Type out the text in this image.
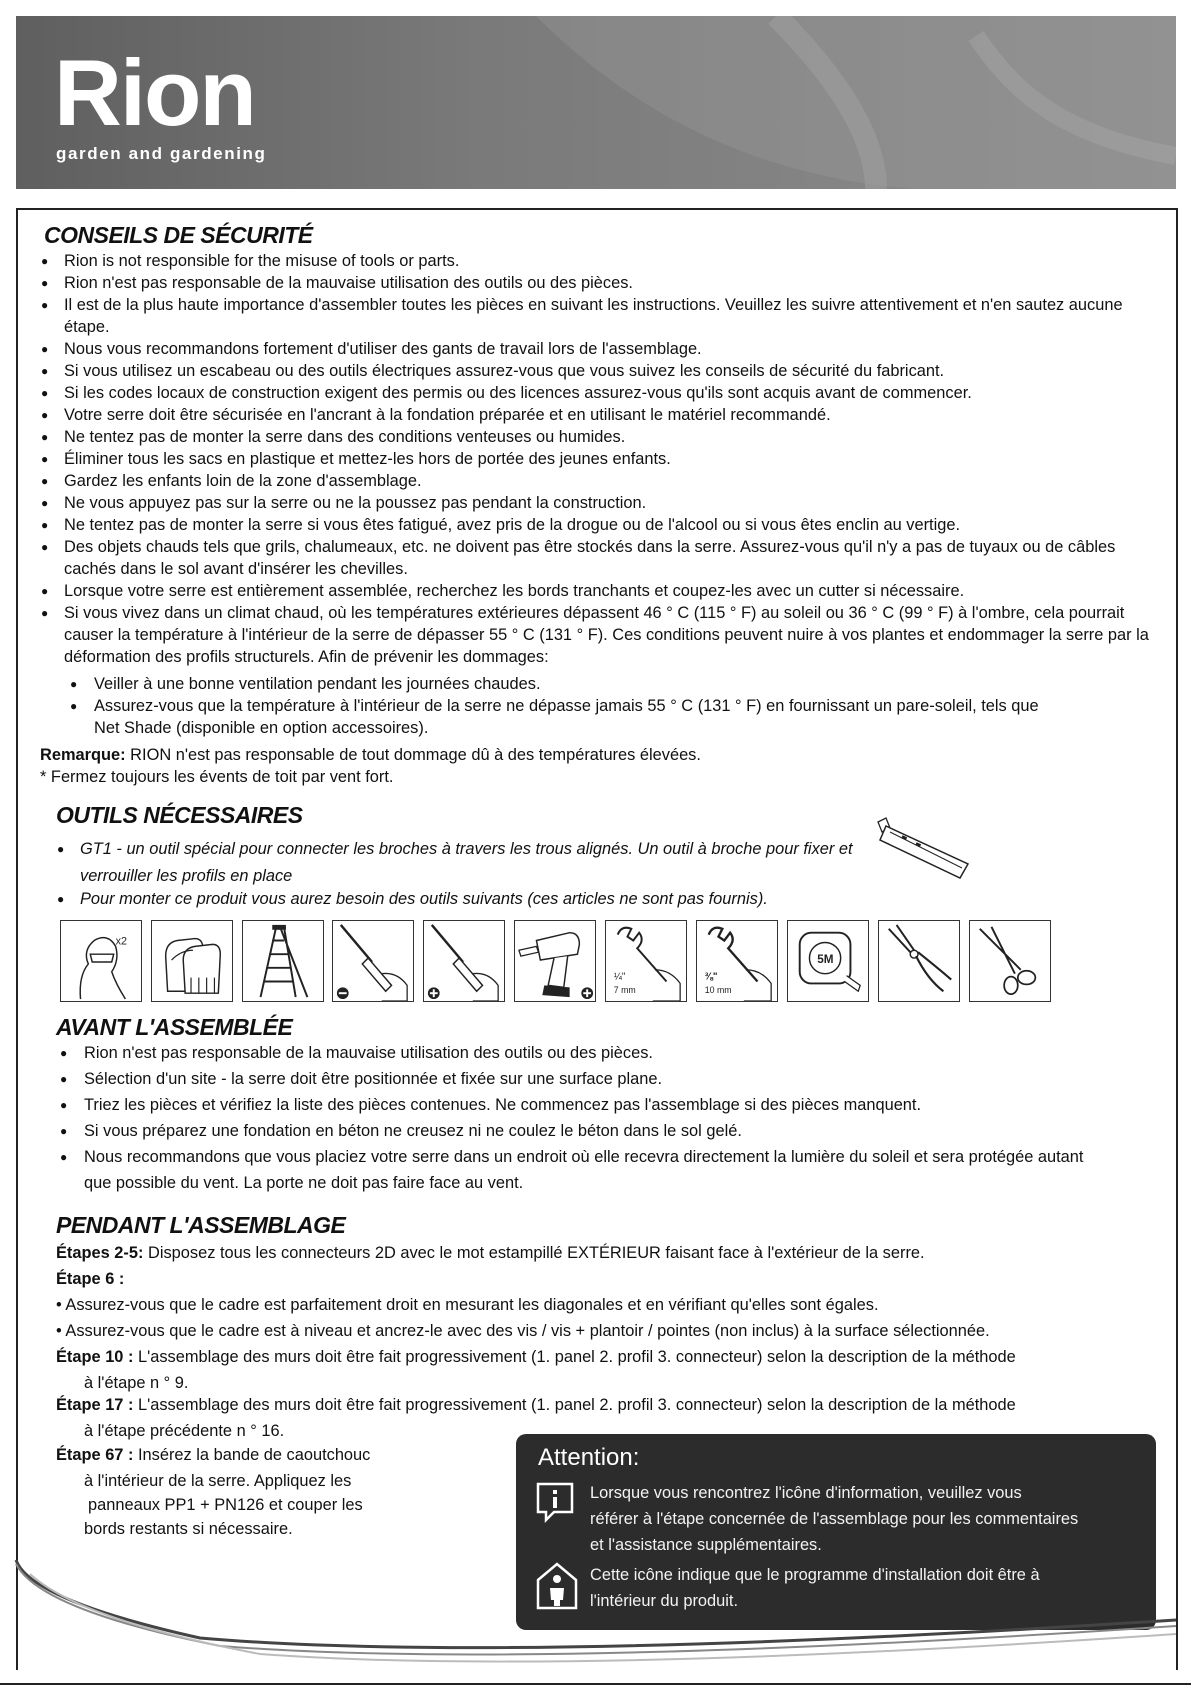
Rion
garden and gardening
CONSEILS DE SÉCURITÉ
● Rion is not responsible for the misuse of tools or parts.
● Rion n'est pas responsable de la mauvaise utilisation des outils ou des pièces.
● Il est de la plus haute importance d'assembler toutes les pièces en suivant les instructions. Veuillez les suivre attentivement et n'en sautez aucune étape.
● Nous vous recommandons fortement d'utiliser des gants de travail lors de l'assemblage.
● Si vous utilisez un escabeau ou des outils électriques assurez-vous que vous suivez les conseils de sécurité du fabricant.
● Si les codes locaux de construction exigent des permis ou des licences assurez-vous qu'ils sont acquis avant de commencer.
● Votre serre doit être sécurisée en l'ancrant à la fondation préparée et en utilisant le matériel recommandé.
● Ne tentez pas de monter la serre dans des conditions venteuses ou humides.
● Éliminer tous les sacs en plastique et mettez-les hors de portée des jeunes enfants.
● Gardez les enfants loin de la zone d'assemblage.
● Ne vous appuyez pas sur la serre ou ne la poussez pas pendant la construction.
● Ne tentez pas de monter la serre si vous êtes fatigué, avez pris de la drogue ou de l'alcool ou si vous êtes enclin au vertige.
● Des objets chauds tels que grils, chalumeaux, etc. ne doivent pas être stockés dans la serre. Assurez-vous qu'il n'y a pas de tuyaux ou de câbles cachés dans le sol avant d'insérer les chevilles.
● Lorsque votre serre est entièrement assemblée, recherchez les bords tranchants et coupez-les avec un cutter si nécessaire.
● Si vous vivez dans un climat chaud, où les températures extérieures dépassent 46 ° C (115 ° F) au soleil ou 36 ° C (99 ° F) à l'ombre, cela pourrait causer la température à l'intérieur de la serre de dépasser 55 ° C (131 ° F). Ces conditions peuvent nuire à vos plantes et endommager la serre par la déformation des profils structurels. Afin de prévenir les dommages:
● Veiller à une bonne ventilation pendant les journées chaudes.
● Assurez-vous que la température à l'intérieur de la serre ne dépasse jamais 55 ° C (131 ° F) en fournissant un pare-soleil, tels que Net Shade (disponible en option accessoires).

Remarque: RION n'est pas responsable de tout dommage dû à des températures élevées.

* Fermez toujours les évents de toit par vent fort.

OUTILS NÉCESSAIRES
● GT1 - un outil spécial pour connecter les broches à travers les trous alignés. Un outil à broche pour fixer et verrouiller les profils en place
● Pour monter ce produit vous aurez besoin des outils suivants (ces articles ne sont pas fournis).
x2
¼"
7 mm
⅜"
10 mm
5M
AVANT L'ASSEMBLÉE
● Rion n'est pas responsable de la mauvaise utilisation des outils ou des pièces.
● Sélection d'un site - la serre doit être positionnée et fixée sur une surface plane.
● Triez les pièces et vérifiez la liste des pièces contenues. Ne commencez pas l'assemblage si des pièces manquent.
● Si vous préparez une fondation en béton ne creusez ni ne coulez le béton dans le sol gelé.
● Nous recommandons que vous placiez votre serre dans un endroit où elle recevra directement la lumière du soleil et sera protégée autant que possible du vent. La porte ne doit pas faire face au vent.
PENDANT L'ASSEMBLAGE

Étapes 2-5: Disposez tous les connecteurs 2D avec le mot estampillé EXTÉRIEUR faisant face à l'extérieur de la serre.

Étape 6 :

• Assurez-vous que le cadre est parfaitement droit en mesurant les diagonales et en vérifiant qu'elles sont égales.

• Assurez-vous que le cadre est à niveau et ancrez-le avec des vis / vis + plantoir / pointes (non inclus) à la surface sélectionnée.

Étape 10 : L'assemblage des murs doit être fait progressivement (1. panel 2. profil 3. connecteur) selon la description de la méthode

à l'étape n ° 9.

Étape 17 : L'assemblage des murs doit être fait progressivement (1. panel 2. profil 3. connecteur) selon la description de la méthode

à l'étape précédente n ° 16.

Étape 67 : Insérez la bande de caoutchouc

à l'intérieur de la serre. Appliquez les

panneaux PP1 + PN126 et couper les

bords restants si nécessaire.

Attention:
Lorsque vous rencontrez l'icône d'information, veuillez vous
référer à l'étape concernée de l'assemblage pour les commentaires
et l'assistance supplémentaires.
Cette icône indique que le programme d'installation doit être à
l'intérieur du produit.
